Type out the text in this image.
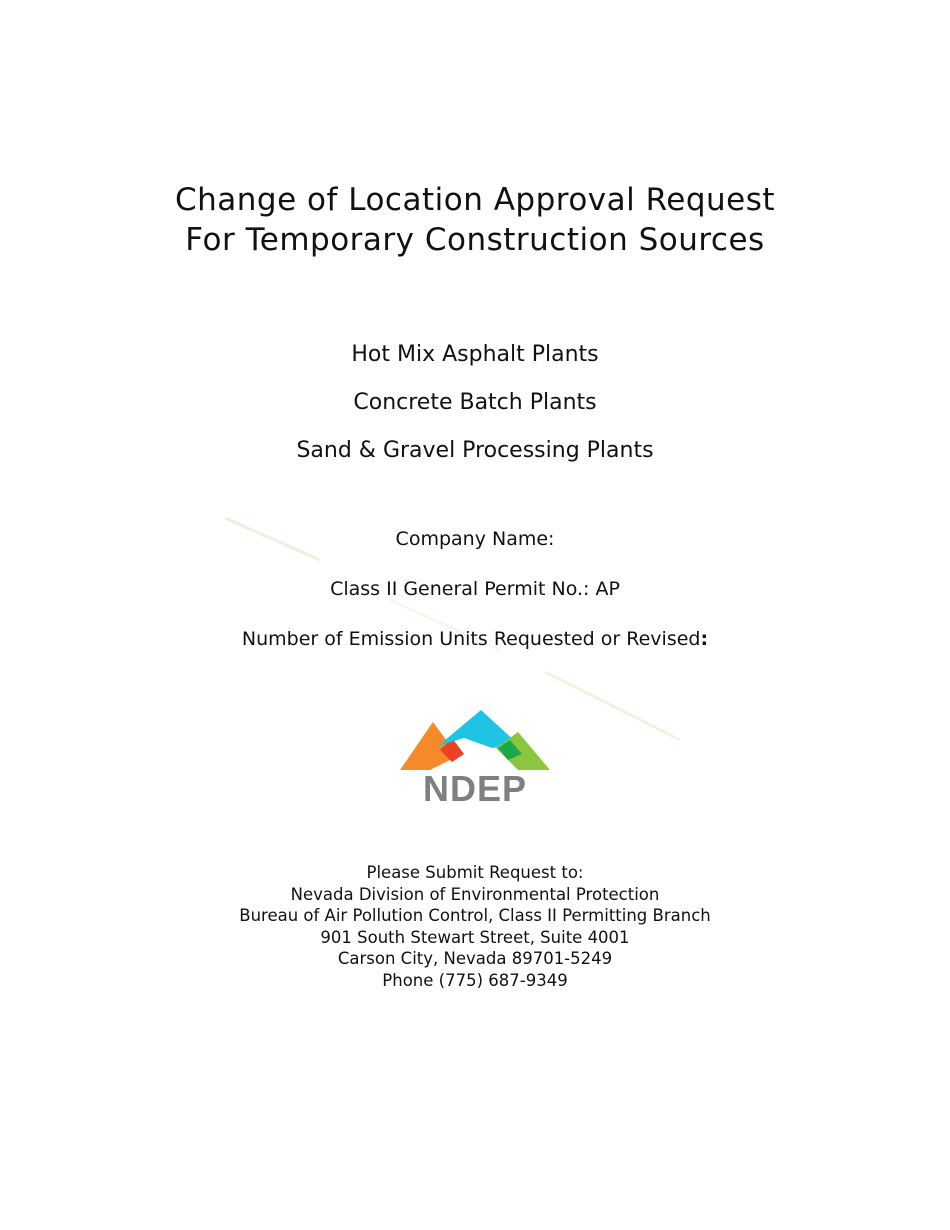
Change of Location Approval Request
For Temporary Construction Sources
Hot Mix Asphalt Plants
Concrete Batch Plants
Sand & Gravel Processing Plants
Company Name:
Class II General Permit No.: AP
Number of Emission Units Requested or Revised:
NDEP
Please Submit Request to:
Nevada Division of Environmental Protection
Bureau of Air Pollution Control, Class II Permitting Branch
901 South Stewart Street, Suite 4001
Carson City, Nevada 89701-5249
Phone (775) 687-9349
